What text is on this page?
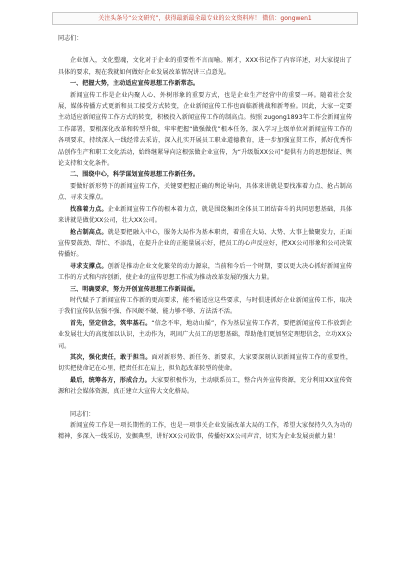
关注头条号“公文研究”，获得最新最全最专业的公文资料库！ 微信：gongwen1

同志们：

企业加入，文化塑魂，文化对于企业的重要性不言而喻。刚才，XXX书记作了内容详述，对大家提出了具体的要求，现在我就如何做好企业发展改革情况讲三点意见。

一、把握大势，主动适应宣传思想工作新常态。

新闻宣传工作是企业内聚人心、外树形象的重要方式，也是企业生产经营中的重要一环。随着社会发展，媒体传播方式更新和员工接受方式转变，企业新闻宣传工作也面临新挑战和新考验。因此，大家一定要主动适应新闻宣传工作方式的转变，积极投入新闻宣传工作的制高点。按照 zugong1893年工作会新闻宣传工作部署，要根深化改革和转型升级，牢牢把握“做强做优”根本任务，深入学习上级单位对新闻宣传工作的各项要求，持续深入一线经常去采访，深入扎实开展员工职业道德教育，进一步加强宣贯工作，抓好优秀作品创作生产和职工文化活动，始终继紧导向这根弦做企业宣传，为“升级版XX公司”提供有力的思想保证、舆论支持和文化条件。

二、围绕中心，科学谋划宣传思想工作新任务。

要做好新形势下的新闻宣传工作，关键要把握正确的舆论导向，具体来讲就是要找准着力点、抢占制高点、寻求支撑点。

找准着力点。企业新闻宣传工作的根本着力点，就是围绕集团全体员工团结奋斗的共同思想基础，具体来讲就是做优XX公司，壮大XX公司。

抢占制高点。就是要把融入中心，服务大局作为基本职责，着重在大局、大势、大事上做聚发力，正面宣传要鼓劲、帮忙、不添乱，在提升企业的正能量展示好，把员工的心声反应好，把XX公司形象和公司决策传播好。

寻求支撑点。创新是推动企业文化繁荣的动力源泉，当前和今后一个时期，要以更大决心抓好新闻宣传工作的方式和内容创新，使企业的宣传思想工作成为推动改革发展的强大力量。

三、明确要求，努力开创宣传思想工作新局面。

时代赋予了新闻宣传工作新的更高要求，能不能适应这些要求，与时俱进抓好企业新闻宣传工作，取决于我们宣传队伍强不强、作风硬不硬、能力够不够、方法活不活。

首先，坚定信念，筑牢基石。“信念不牢，地动山摇”，作为基层宣传工作者，要把新闻宣传工作放到企业发展壮大的高度加以认识，主动作为，巩固广大员工的思想基础，帮助他们更加坚定理想信念，立功XX公司。

其次，强化责任，敢于担当。面对新形势、新任务、新要求，大家要深刻认识新闻宣传工作的重要性，切实把使命记在心里，把责任扛在肩上，担负起改革转型的使命。

最后，统筹各方，形成合力。大家要积极作为，主动联系员工，整合内外宣传资源，充分利用XX宣传资源和社会媒体资源，真正建立大宣传大文化格局。

同志们：

新闻宣传工作是一项长期性的工作，也是一项事关企业发展改革大局的工作，希望大家保持久久为功的精神，多深入一线采访，发掘典型，讲好XX公司故事，传播好XX公司声音，切实为企业发展贡献力量！
